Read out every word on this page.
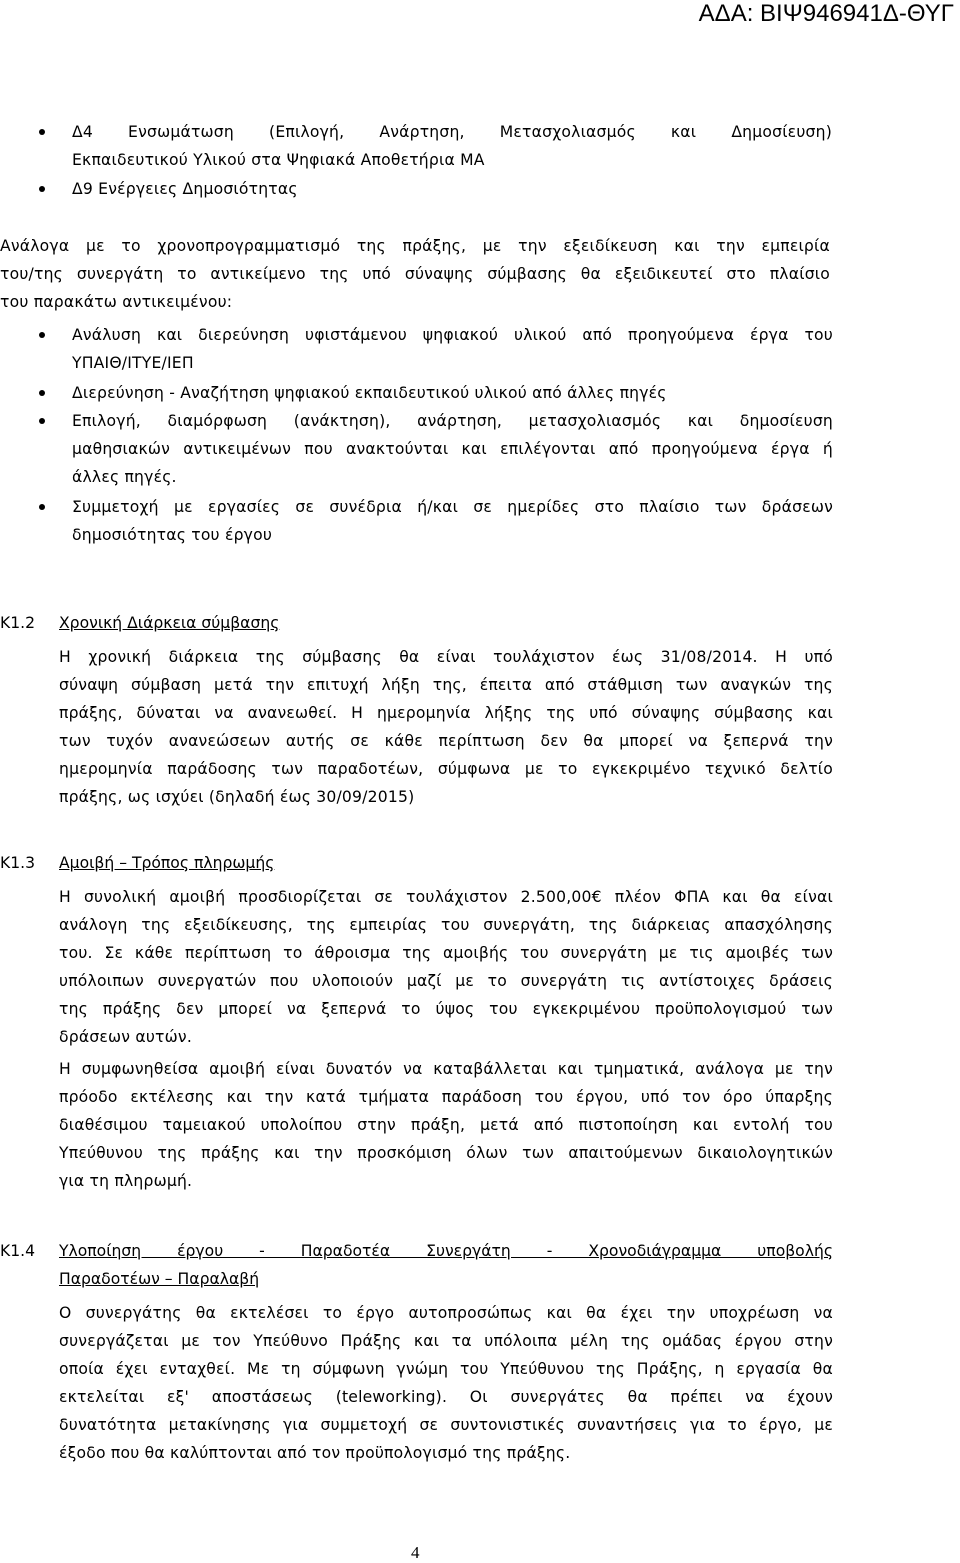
ΑΔΑ: ΒΙΨ946941Δ-ΘΥΓ
Δ4 Ενσωμάτωση (Επιλογή, Ανάρτηση, Μετασχολιασμός και Δημοσίευση)
Εκπαιδευτικού Υλικού στα Ψηφιακά Αποθετήρια ΜΑ
Δ9 Ενέργειες Δημοσιότητας
Ανάλογα με το χρονοπρογραμματισμό της πράξης, με την εξειδίκευση και την εμπειρία
του/της συνεργάτη το αντικείμενο της υπό σύναψης σύμβασης θα εξειδικευτεί στο πλαίσιο
του παρακάτω αντικειμένου:
Ανάλυση και διερεύνηση υφιστάμενου ψηφιακού υλικού από προηγούμενα έργα του
ΥΠΑΙΘ/ΙΤΥΕ/ΙΕΠ
Διερεύνηση - Αναζήτηση ψηφιακού εκπαιδευτικού υλικού από άλλες πηγές
Επιλογή, διαμόρφωση (ανάκτηση), ανάρτηση, μετασχολιασμός και δημοσίευση
μαθησιακών αντικειμένων που ανακτούνται και επιλέγονται από προηγούμενα έργα ή
άλλες πηγές.
Συμμετοχή με εργασίες σε συνέδρια ή/και σε ημερίδες στο πλαίσιο των δράσεων
δημοσιότητας του έργου
Κ1.2 Χρονική Διάρκεια σύμβασης
Η χρονική διάρκεια της σύμβασης θα είναι τουλάχιστον έως 31/08/2014. Η υπό
σύναψη σύμβαση μετά την επιτυχή λήξη της, έπειτα από στάθμιση των αναγκών της
πράξης, δύναται να ανανεωθεί. Η ημερομηνία λήξης της υπό σύναψης σύμβασης και
των τυχόν ανανεώσεων αυτής σε κάθε περίπτωση δεν θα μπορεί να ξεπερνά την
ημερομηνία παράδοσης των παραδοτέων, σύμφωνα με το εγκεκριμένο τεχνικό δελτίο
πράξης, ως ισχύει (δηλαδή έως 30/09/2015)
Κ1.3 Αμοιβή – Τρόπος πληρωμής
Η συνολική αμοιβή προσδιορίζεται σε τουλάχιστον 2.500,00€ πλέον ΦΠΑ και θα είναι
ανάλογη της εξειδίκευσης, της εμπειρίας του συνεργάτη, της διάρκειας απασχόλησης
του. Σε κάθε περίπτωση το άθροισμα της αμοιβής του συνεργάτη με τις αμοιβές των
υπόλοιπων συνεργατών που υλοποιούν μαζί με το συνεργάτη τις αντίστοιχες δράσεις
της πράξης δεν μπορεί να ξεπερνά το ύψος του εγκεκριμένου προϋπολογισμού των
δράσεων αυτών.
Η συμφωνηθείσα αμοιβή είναι δυνατόν να καταβάλλεται και τμηματικά, ανάλογα με την
πρόοδο εκτέλεσης και την κατά τμήματα παράδοση του έργου, υπό τον όρο ύπαρξης
διαθέσιμου ταμειακού υπολοίπου στην πράξη, μετά από πιστοποίηση και εντολή του
Υπεύθυνου της πράξης και την προσκόμιση όλων των απαιτούμενων δικαιολογητικών
για τη πληρωμή.
Κ1.4 Υλοποίηση έργου - Παραδοτέα Συνεργάτη - Χρονοδιάγραμμα υποβολής
Παραδοτέων – Παραλαβή
Ο συνεργάτης θα εκτελέσει το έργο αυτοπροσώπως και θα έχει την υποχρέωση να
συνεργάζεται με τον Υπεύθυνο Πράξης και τα υπόλοιπα μέλη της ομάδας έργου στην
οποία έχει ενταχθεί. Με τη σύμφωνη γνώμη του Υπεύθυνου της Πράξης, η εργασία θα
εκτελείται εξ' αποστάσεως (teleworking). Οι συνεργάτες θα πρέπει να έχουν
δυνατότητα μετακίνησης για συμμετοχή σε συντονιστικές συναντήσεις για το έργο, με
έξοδο που θα καλύπτονται από τον προϋπολογισμό της πράξης.
4
